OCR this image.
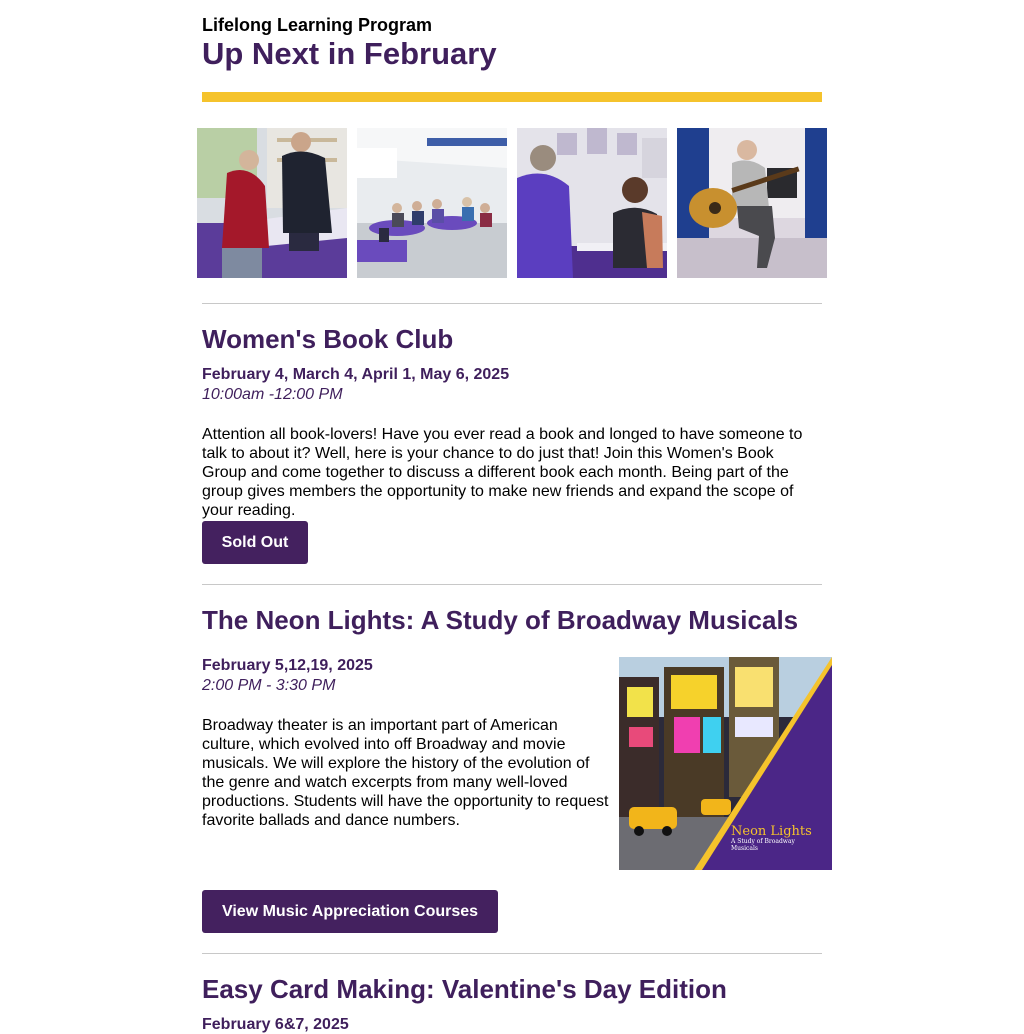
Lifelong Learning Program
Up Next in February
Women's Book Club
February 4, March 4, April 1, May 6, 2025
10:00am -12:00 PM
Attention all book-lovers! Have you ever read a book and longed to have someone to talk to about it? Well, here is your chance to do just that! Join this Women's Book Group and come together to discuss a different book each month. Being part of the group gives members the opportunity to make new friends and expand the scope of your reading.
Sold Out
The Neon Lights: A Study of Broadway Musicals
February 5,12,19, 2025
2:00 PM - 3:30 PM
Broadway theater is an important part of American culture, which evolved into off Broadway and movie musicals. We will explore the history of the evolution of the genre and watch excerpts from many well-loved productions. Students will have the opportunity to request favorite ballads and dance numbers.
Neon Lights
A Study of Broadway
Musicals
View Music Appreciation Courses
Easy Card Making: Valentine's Day Edition
February 6&7, 2025
